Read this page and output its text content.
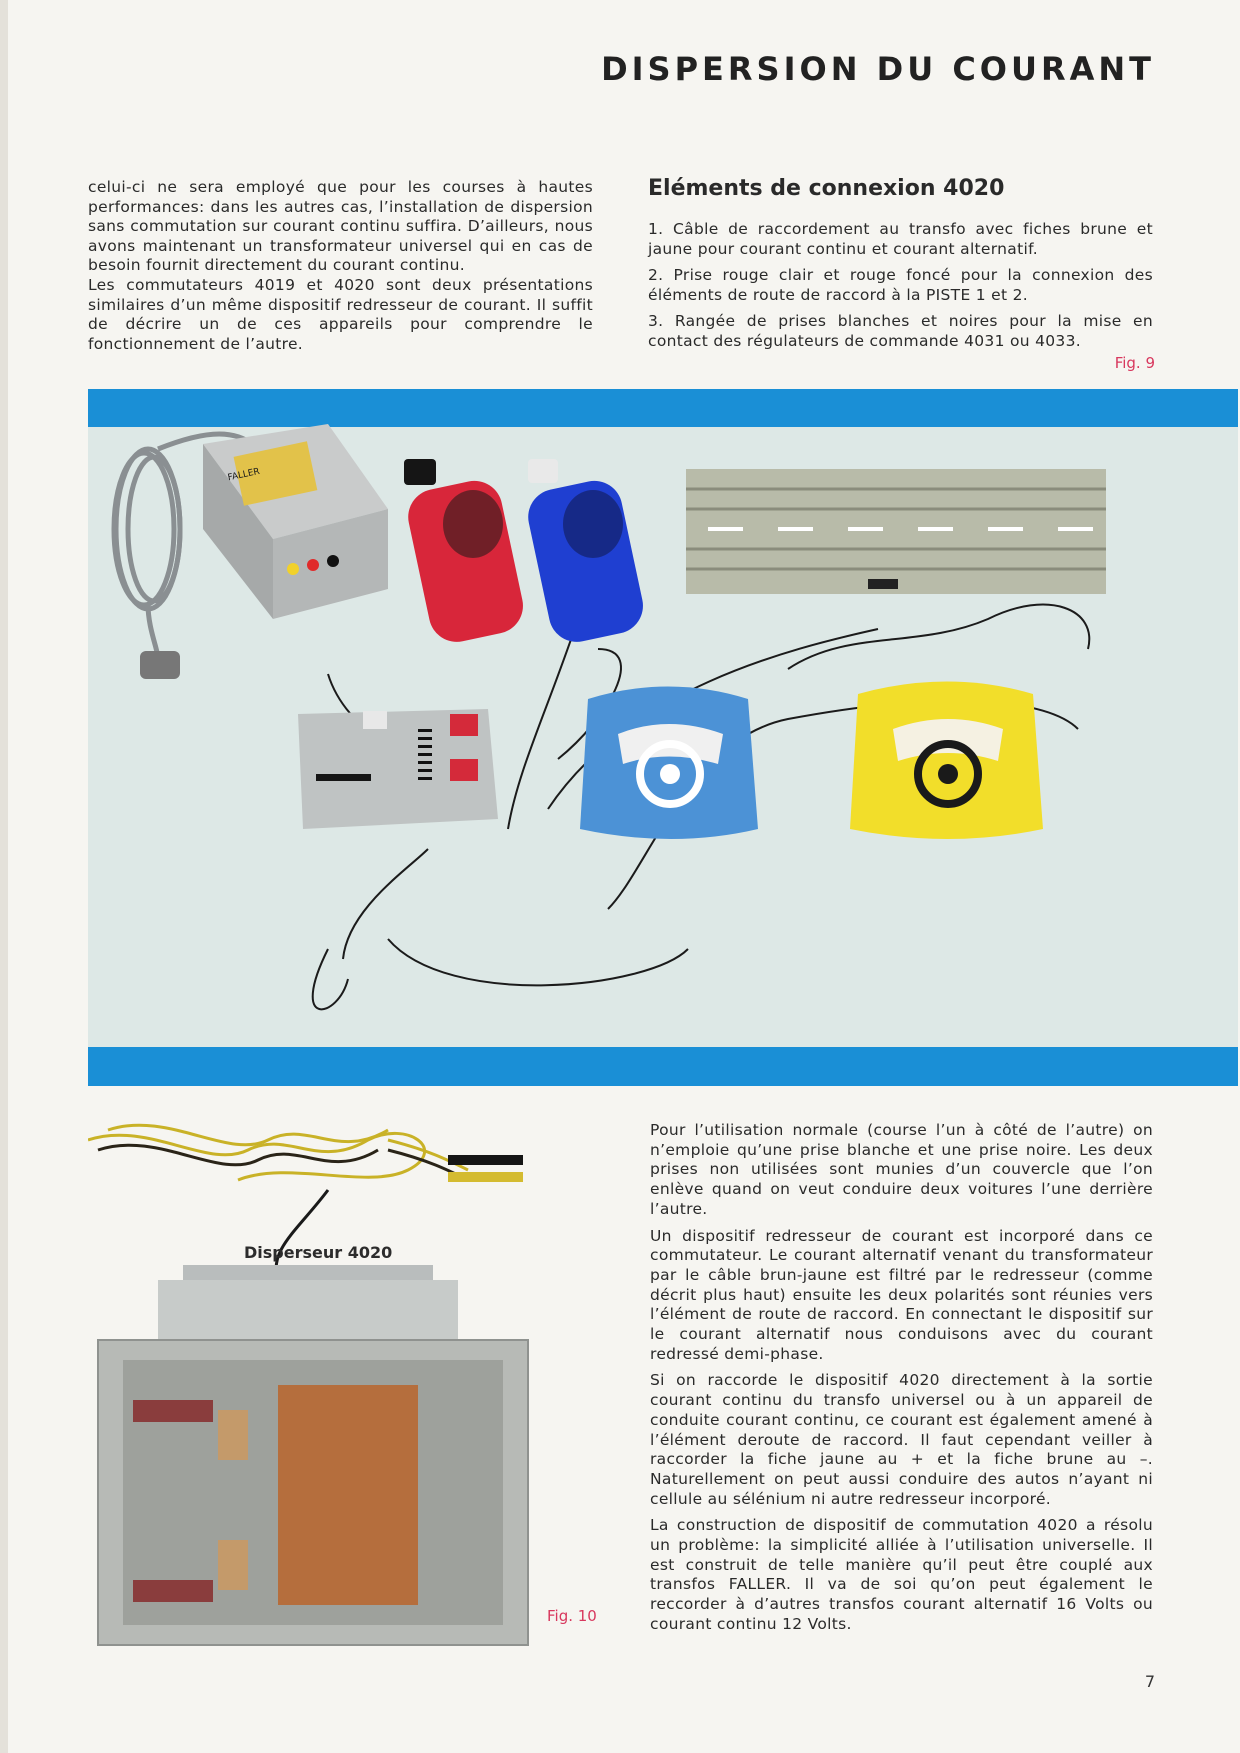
DISPERSION DU COURANT

celui-ci ne sera employé que pour les courses à hautes performances: dans les autres cas, l’installation de dispersion sans commutation sur courant continu suffira. D’ailleurs, nous avons maintenant un transformateur universel qui en cas de besoin fournit directement du courant continu.

Les commutateurs 4019 et 4020 sont deux présentations similaires d’un même dispositif redresseur de courant. Il suffit de décrire un de ces appareils pour comprendre le fonctionnement de l’autre.

Eléments de connexion 4020

1. Câble de raccordement au transfo avec fiches brune et jaune pour courant continu et courant alternatif.

2. Prise rouge clair et rouge foncé pour la connexion des éléments de route de raccord à la PISTE 1 et 2.

3. Rangée de prises blanches et noires pour la mise en contact des régulateurs de commande 4031 ou 4033.

Fig. 9
FALLER
Disperseur 4020
Fig. 10

Pour l’utilisation normale (course l’un à côté de l’autre) on n’emploie qu’une prise blanche et une prise noire. Les deux prises non utilisées sont munies d’un couvercle que l’on enlève quand on veut conduire deux voitures l’une derrière l’autre.

Un dispositif redresseur de courant est incorporé dans ce commutateur. Le courant alternatif venant du transformateur par le câble brun-jaune est filtré par le redresseur (comme décrit plus haut) ensuite les deux polarités sont réunies vers l’élément de route de raccord. En connectant le dispositif sur le courant alternatif nous conduisons avec du courant redressé demi-phase.

Si on raccorde le dispositif 4020 directement à la sortie courant continu du transfo universel ou à un appareil de conduite courant continu, ce courant est également amené à l’élément deroute de raccord. Il faut cependant veiller à raccorder la fiche jaune au + et la fiche brune au –. Naturellement on peut aussi conduire des autos n’ayant ni cellule au sélénium ni autre redresseur incorporé.

La construction de dispositif de commutation 4020 a résolu un problème: la simplicité alliée à l’utilisation universelle. Il est construit de telle manière qu’il peut être couplé aux transfos FALLER. Il va de soi qu’on peut également le reccorder à d’autres transfos courant alternatif 16 Volts ou courant continu 12 Volts.

7
